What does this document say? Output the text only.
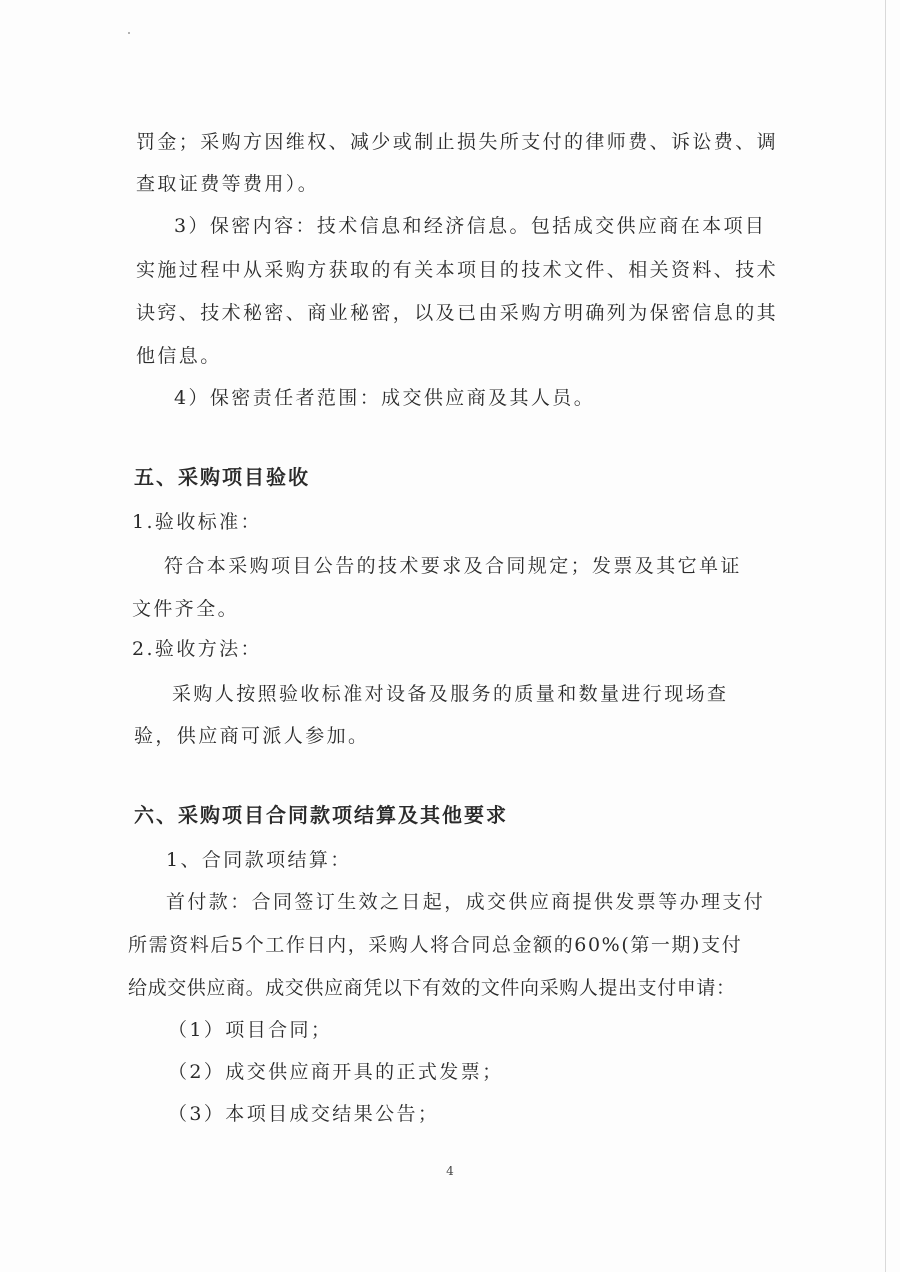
罚金；采购方因维权、减少或制止损失所支付的律师费、诉讼费、调
查取证费等费用）。
3）保密内容：技术信息和经济信息。包括成交供应商在本项目
实施过程中从采购方获取的有关本项目的技术文件、相关资料、技术
诀窍、技术秘密、商业秘密，以及已由采购方明确列为保密信息的其
他信息。
4）保密责任者范围：成交供应商及其人员。
五、采购项目验收
1.验收标准：
符合本采购项目公告的技术要求及合同规定；发票及其它单证
文件齐全。
2.验收方法：
采购人按照验收标准对设备及服务的质量和数量进行现场查
验，供应商可派人参加。
六、采购项目合同款项结算及其他要求
1、合同款项结算：
首付款：合同签订生效之日起，成交供应商提供发票等办理支付
所需资料后5个工作日内，采购人将合同总金额的60%(第一期)支付
给成交供应商。成交供应商凭以下有效的文件向采购人提出支付申请：
（1）项目合同；
（2）成交供应商开具的正式发票；
（3）本项目成交结果公告；
4
